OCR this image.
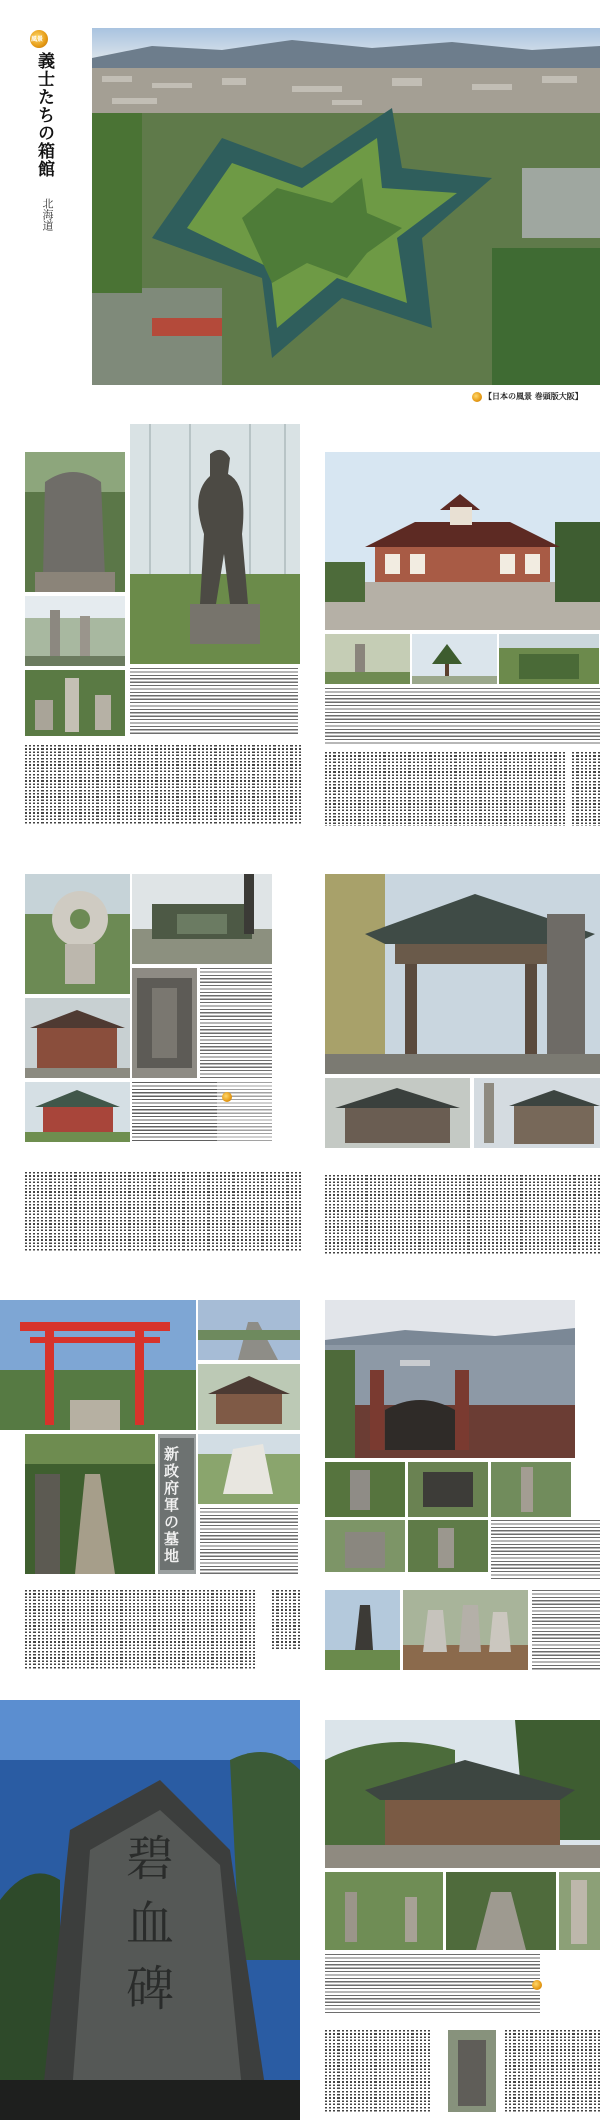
風景
義士たちの箱館
北海道
【日本の風景 巻頭版大阪】
新政府軍の墓地
碧
血
碑
